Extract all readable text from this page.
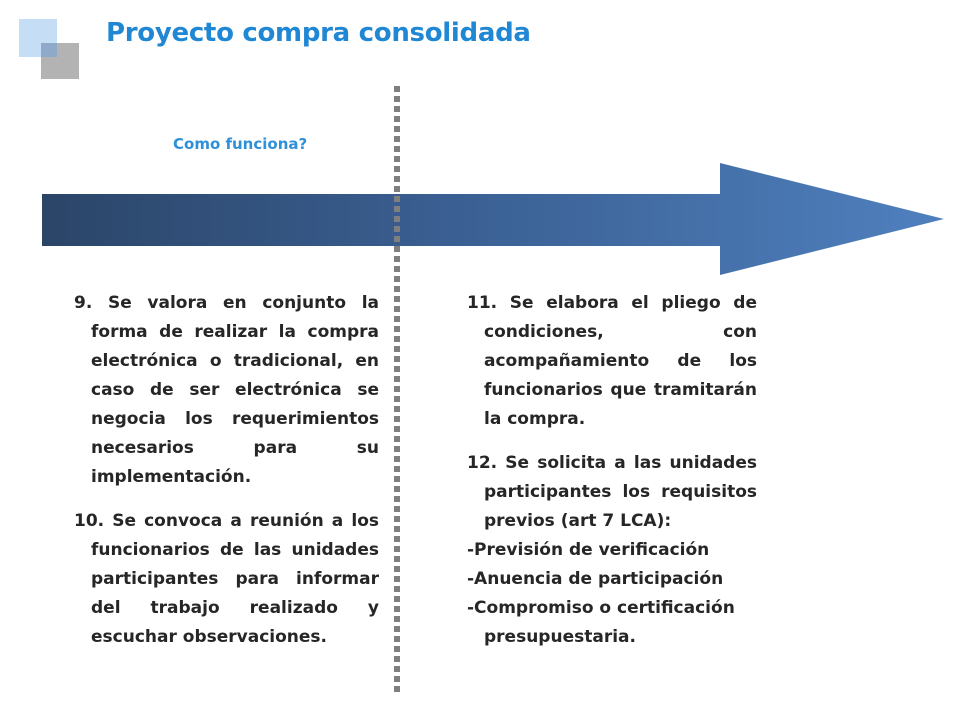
Proyecto compra consolidada
Como funciona?

9. Se valora en conjunto la forma de realizar la compra electrónica o tradicional, en caso de ser electrónica se negocia los requerimientos necesarios para su implementación.

10. Se convoca a reunión a los funcionarios de las unidades participantes para informar del trabajo realizado y escuchar observaciones.

11. Se elabora el pliego de condiciones, con acompañamiento de los funcionarios que tramitarán la compra.

12. Se solicita a las unidades participantes los requisitos previos (art 7 LCA):

-Previsión de verificación

-Anuencia de participación

-Compromiso o certificación

presupuestaria.
